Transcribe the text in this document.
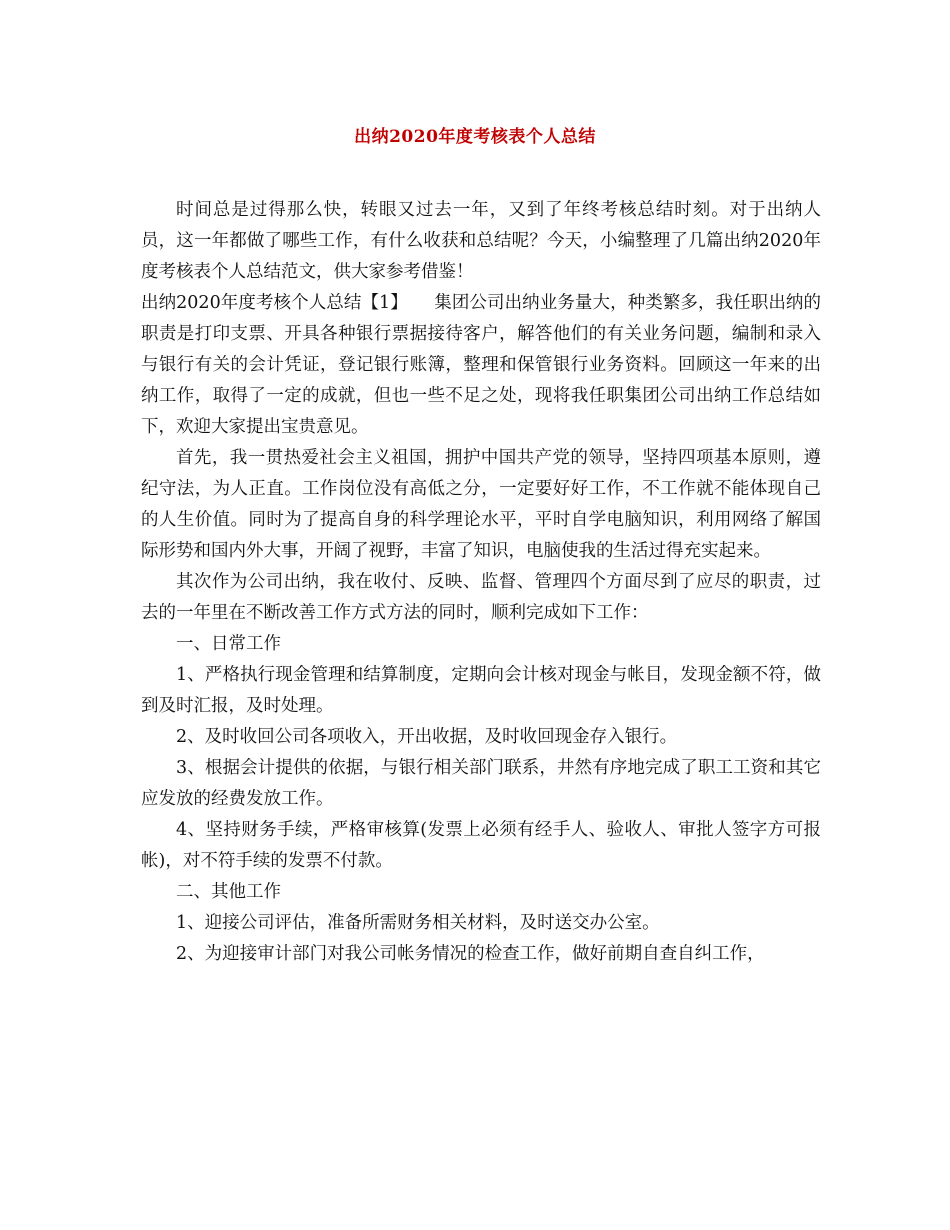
出纳2020年度考核表个人总结

时间总是过得那么快，转眼又过去一年，又到了年终考核总结时刻。对于出纳人员，这一年都做了哪些工作，有什么收获和总结呢？今天，小编整理了几篇出纳2020年度考核表个人总结范文，供大家参考借鉴！

出纳2020年度考核个人总结【1】　　集团公司出纳业务量大，种类繁多，我任职出纳的职责是打印支票、开具各种银行票据接待客户，解答他们的有关业务问题，编制和录入与银行有关的会计凭证，登记银行账簿，整理和保管银行业务资料。回顾这一年来的出纳工作，取得了一定的成就，但也一些不足之处，现将我任职集团公司出纳工作总结如下，欢迎大家提出宝贵意见。

首先，我一贯热爱社会主义祖国，拥护中国共产党的领导，坚持四项基本原则，遵纪守法，为人正直。工作岗位没有高低之分，一定要好好工作，不工作就不能体现自己的人生价值。同时为了提高自身的科学理论水平，平时自学电脑知识，利用网络了解国际形势和国内外大事，开阔了视野，丰富了知识，电脑使我的生活过得充实起来。

其次作为公司出纳，我在收付、反映、监督、管理四个方面尽到了应尽的职责，过去的一年里在不断改善工作方式方法的同时，顺利完成如下工作：

一、日常工作

1、严格执行现金管理和结算制度，定期向会计核对现金与帐目，发现金额不符，做到及时汇报，及时处理。

2、及时收回公司各项收入，开出收据，及时收回现金存入银行。

3、根据会计提供的依据，与银行相关部门联系，井然有序地完成了职工工资和其它应发放的经费发放工作。

4、坚持财务手续，严格审核算(发票上必须有经手人、验收人、审批人签字方可报帐)，对不符手续的发票不付款。

二、其他工作

1、迎接公司评估，准备所需财务相关材料，及时送交办公室。

2、为迎接审计部门对我公司帐务情况的检查工作，做好前期自查自纠工作，
